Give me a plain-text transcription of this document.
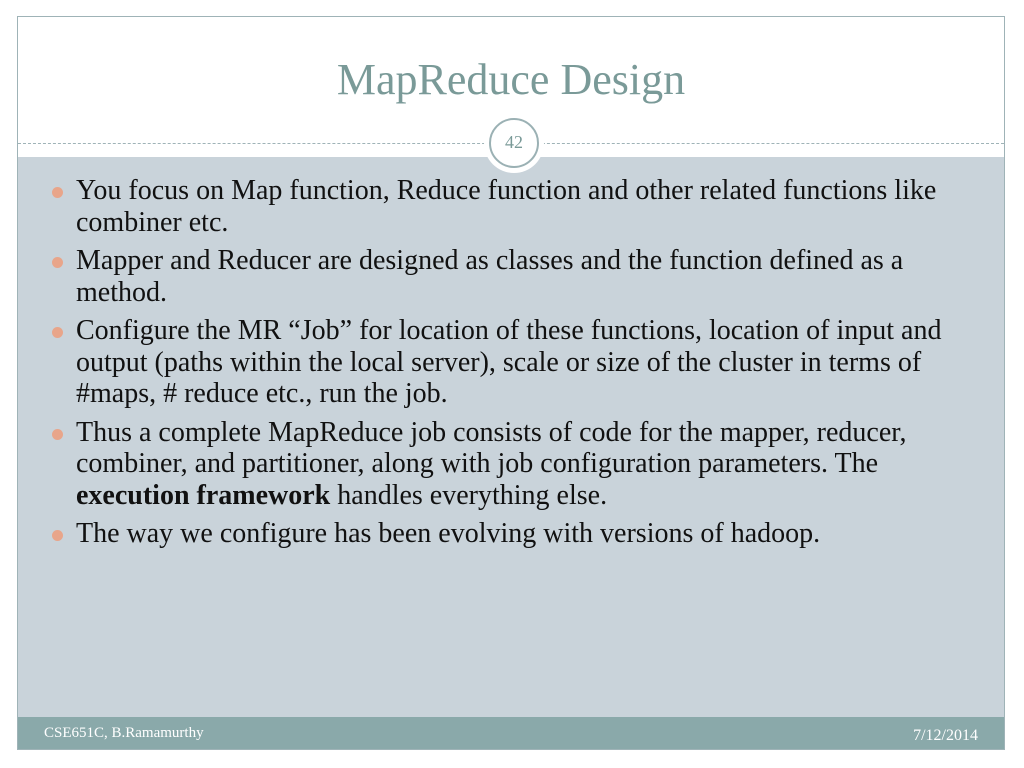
MapReduce Design
42
You focus on Map function, Reduce function and other related functions like combiner etc.
Mapper and Reducer are designed as classes and the function defined as a method.
Configure the MR “Job” for location of these functions, location of input and output (paths within the local server), scale or size of the cluster in terms of #maps, # reduce etc., run the job.
Thus a complete MapReduce job consists of code for the mapper, reducer, combiner, and partitioner, along with job configuration parameters. The execution framework handles everything else.
The way we configure has been evolving with versions of hadoop.
CSE651C, B.Ramamurthy	7/12/2014
